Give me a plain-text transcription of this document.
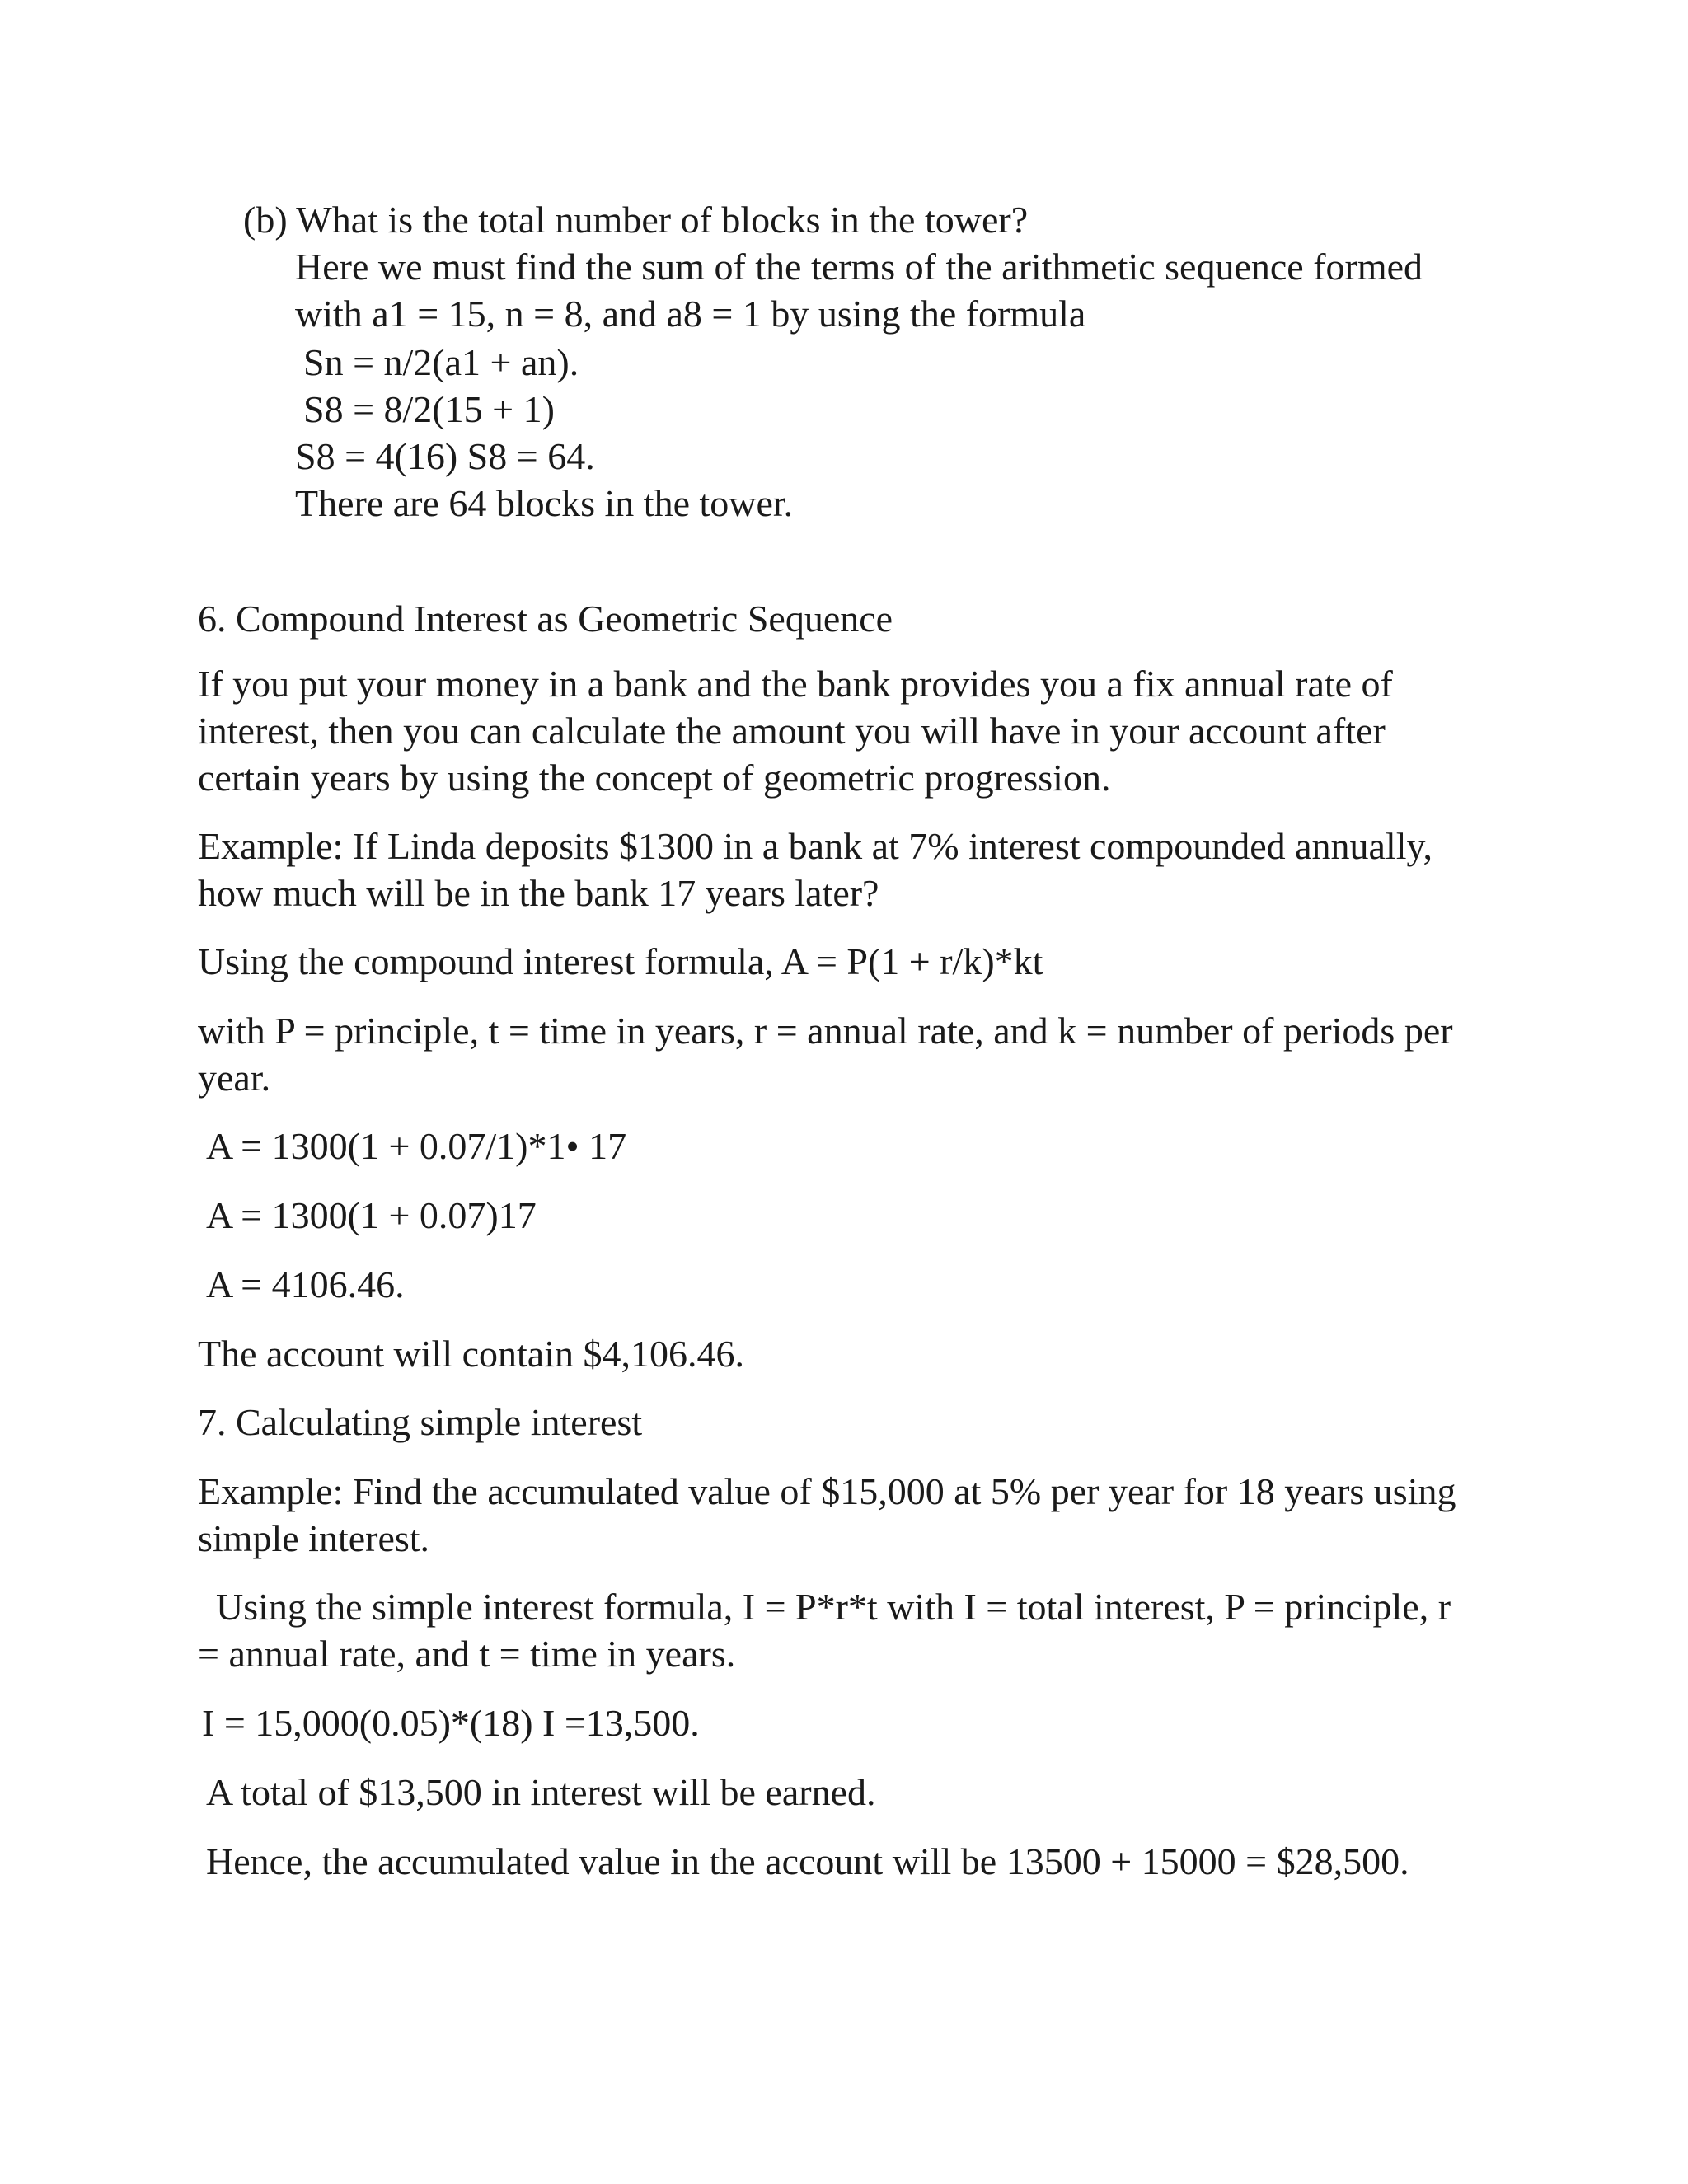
(b) What is the total number of blocks in the tower?

Here we must find the sum of the terms of the arithmetic sequence formed

with a1 = 15, n = 8, and a8 = 1 by using the formula

Sn = n/2(a1 + an).

S8 = 8/2(15 + 1)

S8 = 4(16) S8 = 64.

There are 64 blocks in the tower.

6. Compound Interest as Geometric Sequence

If you put your money in a bank and the bank provides you a fix annual rate of

interest, then you can calculate the amount you will have in your account after

certain years by using the concept of geometric progression.

Example: If Linda deposits $1300 in a bank at 7% interest compounded annually,

how much will be in the bank 17 years later?

Using the compound interest formula, A = P(1 + r/k)*kt

with P = principle, t = time in years, r = annual rate, and k = number of periods per

year.

A = 1300(1 + 0.07/1)*1• 17

A = 1300(1 + 0.07)17

A = 4106.46.

The account will contain $4,106.46.

7. Calculating simple interest

Example: Find the accumulated value of $15,000 at 5% per year for 18 years using

simple interest.

Using the simple interest formula, I = P*r*t with I = total interest, P = principle, r

= annual rate, and t = time in years.

I = 15,000(0.05)*(18) I =13,500.

A total of $13,500 in interest will be earned.

Hence, the accumulated value in the account will be 13500 + 15000 = $28,500.
